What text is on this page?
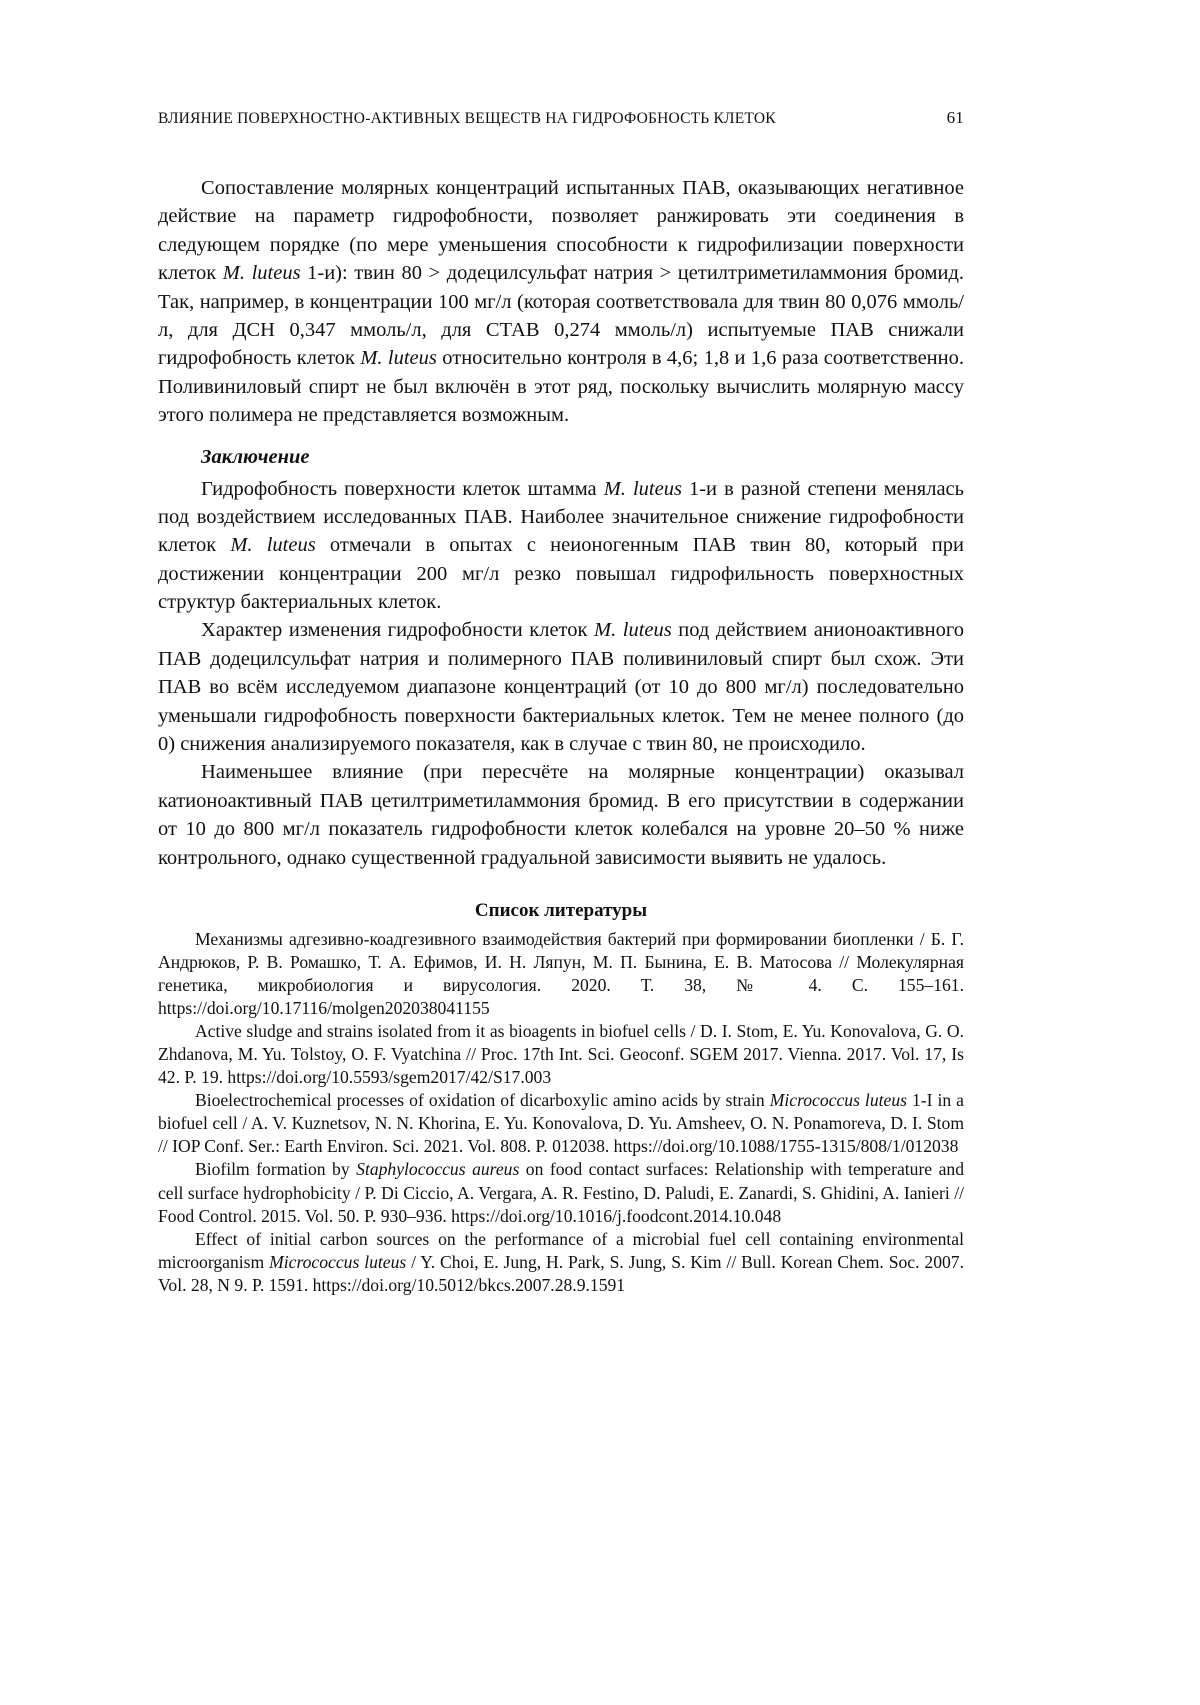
ВЛИЯНИЕ ПОВЕРХНОСТНО-АКТИВНЫХ ВЕЩЕСТВ НА ГИДРОФОБНОСТЬ КЛЕТОК	61

Сопоставление молярных концентраций испытанных ПАВ, оказывающих негативное действие на параметр гидрофобности, позволяет ранжировать эти соединения в следующем порядке (по мере уменьшения способности к гидрофилизации поверхности клеток M. luteus 1-и): твин 80 > додецилсульфат натрия > цетилтриметиламмония бромид. Так, например, в концентрации 100 мг/л (которая соответствовала для твин 80 0,076 ммоль/л, для ДСН 0,347 ммоль/л, для СТАВ 0,274 ммоль/л) испытуемые ПАВ снижали гидрофобность клеток M. luteus относительно контроля в 4,6; 1,8 и 1,6 раза соответственно. Поливиниловый спирт не был включён в этот ряд, поскольку вычислить молярную массу этого полимера не представляется возможным.

Заключение

Гидрофобность поверхности клеток штамма M. luteus 1-и в разной степени менялась под воздействием исследованных ПАВ. Наиболее значительное снижение гидрофобности клеток M. luteus отмечали в опытах с неионогенным ПАВ твин 80, который при достижении концентрации 200 мг/л резко повышал гидрофильность поверхностных структур бактериальных клеток.

Характер изменения гидрофобности клеток M. luteus под действием анионоактивного ПАВ додецилсульфат натрия и полимерного ПАВ поливиниловый спирт был схож. Эти ПАВ во всём исследуемом диапазоне концентраций (от 10 до 800 мг/л) последовательно уменьшали гидрофобность поверхности бактериальных клеток. Тем не менее полного (до 0) снижения анализируемого показателя, как в случае с твин 80, не происходило.

Наименьшее влияние (при пересчёте на молярные концентрации) оказывал катионоактивный ПАВ цетилтриметиламмония бромид. В его присутствии в содержании от 10 до 800 мг/л показатель гидрофобности клеток колебался на уровне 20–50 % ниже контрольного, однако существенной градуальной зависимости выявить не удалось.

Список литературы

Механизмы адгезивно-коадгезивного взаимодействия бактерий при формировании биопленки / Б. Г. Андрюков, Р. В. Ромашко, Т. А. Ефимов, И. Н. Ляпун, М. П. Бынина, Е. В. Матосова // Молекулярная генетика, микробиология и вирусология. 2020. Т. 38, № 4. С. 155–161. https://doi.org/10.17116/molgen202038041155

Active sludge and strains isolated from it as bioagents in biofuel cells / D. I. Stom, E. Yu. Konovalova, G. O. Zhdanova, M. Yu. Tolstoy, O. F. Vyatchina // Proc. 17th Int. Sci. Geoconf. SGEM 2017. Vienna. 2017. Vol. 17, Is 42. P. 19. https://doi.org/10.5593/sgem2017/42/S17.003

Bioelectrochemical processes of oxidation of dicarboxylic amino acids by strain Micrococcus luteus 1-I in a biofuel cell / A. V. Kuznetsov, N. N. Khorina, E. Yu. Konovalova, D. Yu. Amsheev, O. N. Ponamoreva, D. I. Stom // IOP Conf. Ser.: Earth Environ. Sci. 2021. Vol. 808. P. 012038. https://doi.org/10.1088/1755-1315/808/1/012038

Biofilm formation by Staphylococcus aureus on food contact surfaces: Relationship with temperature and cell surface hydrophobicity / P. Di Ciccio, A. Vergara, A. R. Festino, D. Paludi, E. Zanardi, S. Ghidini, A. Ianieri // Food Control. 2015. Vol. 50. P. 930–936. https://doi.org/10.1016/j.foodcont.2014.10.048

Effect of initial carbon sources on the performance of a microbial fuel cell containing environmental microorganism Micrococcus luteus / Y. Choi, E. Jung, H. Park, S. Jung, S. Kim // Bull. Korean Chem. Soc. 2007. Vol. 28, N 9. P. 1591. https://doi.org/10.5012/bkcs.2007.28.9.1591
